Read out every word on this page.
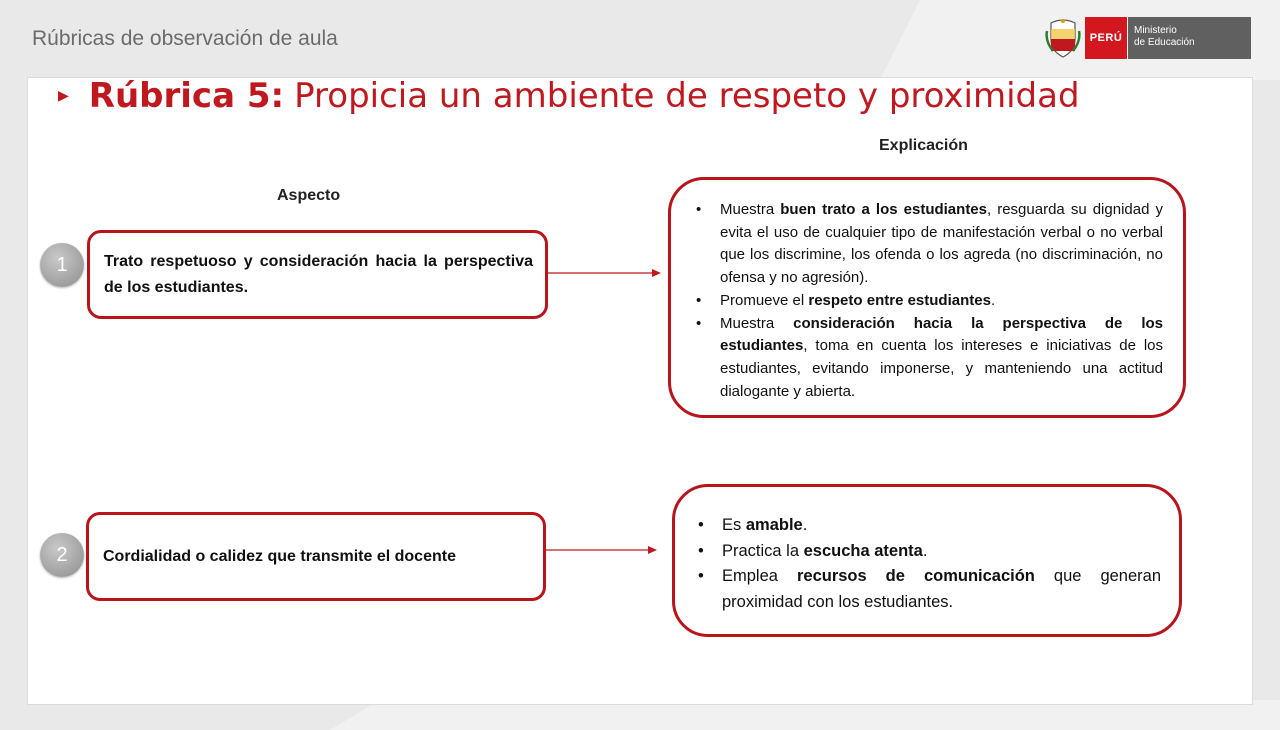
Rúbricas de observación de aula	PERÚ
Ministerio
de Educación
▶ Rúbrica 5: Propicia un ambiente de respeto y proximidad
Explicación
Aspecto
Trato respetuoso y consideración hacia la perspectiva de los estudiantes.
1
• Muestra buen trato a los estudiantes, resguarda su dignidad y evita el uso de cualquier tipo de manifestación verbal o no verbal que los discrimine, los ofenda o los agreda (no discriminación, no ofensa y no agresión).
• Promueve el respeto entre estudiantes.
• Muestra consideración hacia la perspectiva de los estudiantes, toma en cuenta los intereses e iniciativas de los estudiantes, evitando imponerse, y manteniendo una actitud dialogante y abierta.
Cordialidad o calidez que transmite el docente
2
• Es amable.
• Practica la escucha atenta.
• Emplea recursos de comunicación que generan proximidad con los estudiantes.
